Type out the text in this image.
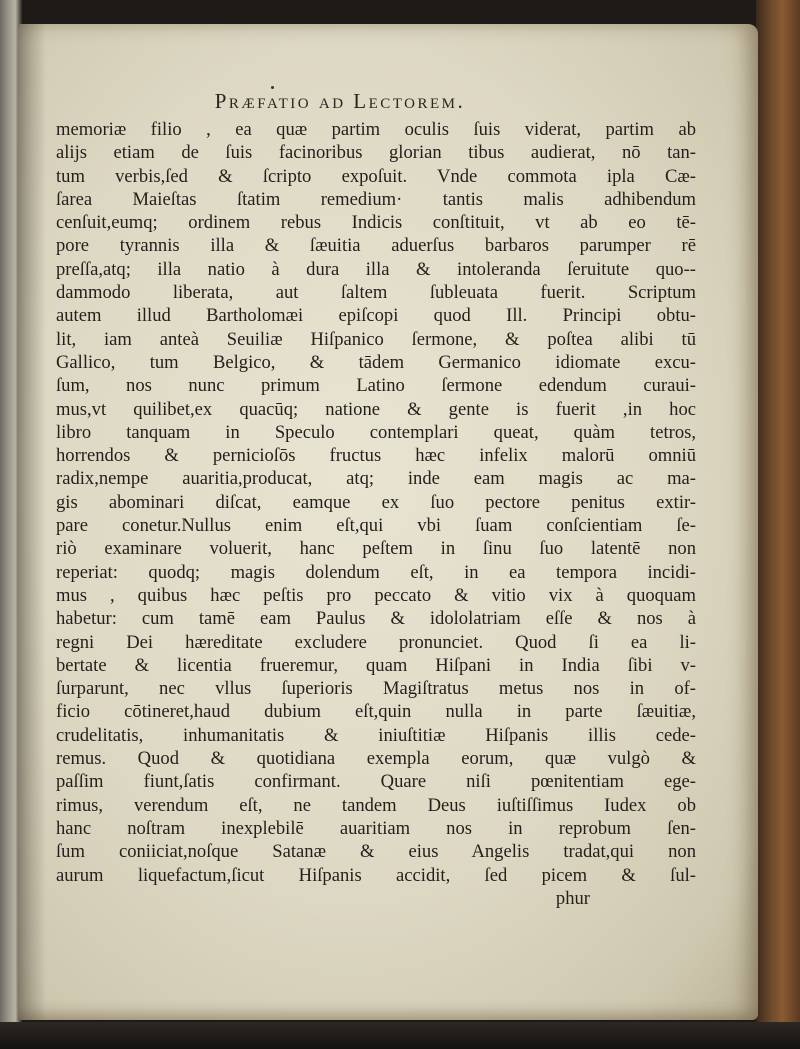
Præfatio ad Lectorem.
memoriæ filio , ea quæ partim oculis ſuis viderat, partim ab
alijs etiam de ſuis facinoribus glorian tibus audierat, nō tan-
tum verbis,ſed & ſcripto expoſuit. Vnde commota ipla Cæ-
ſarea Maieſtas ſtatim remedium· tantis malis adhibendum
cenſuit,eumq; ordinem rebus Indicis conſtituit, vt ab eo tē-
pore tyrannis illa & ſæuitia aduerſus barbaros parumper rē
preſſa,atq; illa natio à dura illa & intoleranda ſeruitute quo--
dammodo liberata, aut ſaltem ſubleuata fuerit. Scriptum
autem illud Bartholomæi epiſcopi quod Ill. Principi obtu-
lit, iam anteà Seuiliæ Hiſpanico ſermone, & poſtea alibi tū
Gallico, tum Belgico, & tādem Germanico idiomate excu-
ſum, nos nunc primum Latino ſermone edendum curaui-
mus,vt quilibet,ex quacūq; natione & gente is fuerit ,in hoc
libro tanquam in Speculo contemplari queat, quàm tetros,
horrendos & pernicioſōs fructus hæc infelix malorū omniū
radix,nempe auaritia,producat, atq; inde eam magis ac ma-
gis abominari diſcat, eamque ex ſuo pectore penitus extir-
pare conetur.Nullus enim eſt,qui vbi ſuam conſcientiam ſe-
riò examinare voluerit, hanc peſtem in ſinu ſuo latentē non
reperiat: quodq; magis dolendum eſt, in ea tempora incidi-
mus , quibus hæc peſtis pro peccato & vitio vix à quoquam
habetur: cum tamē eam Paulus & idololatriam eſſe & nos à
regni Dei hæreditate excludere pronunciet. Quod ſi ea li-
bertate & licentia frueremur, quam Hiſpani in India ſibi v-
ſurparunt, nec vllus ſuperioris Magiſtratus metus nos in of-
ficio cōtineret,haud dubium eſt,quin nulla in parte ſæuitiæ,
crudelitatis, inhumanitatis & iniuſtitiæ Hiſpanis illis cede-
remus. Quod & quotidiana exempla eorum, quæ vulgò &
paſſim fiunt,ſatis confirmant. Quare niſi pœnitentiam ege-
rimus, verendum eſt, ne tandem Deus iuſtiſſimus Iudex ob
hanc noſtram inexplebilē auaritiam nos in reprobum ſen-
ſum coniiciat,noſque Satanæ & eius Angelis tradat,qui non
aurum liquefactum,ſicut Hiſpanis accidit, ſed picem & ſul-
phur
